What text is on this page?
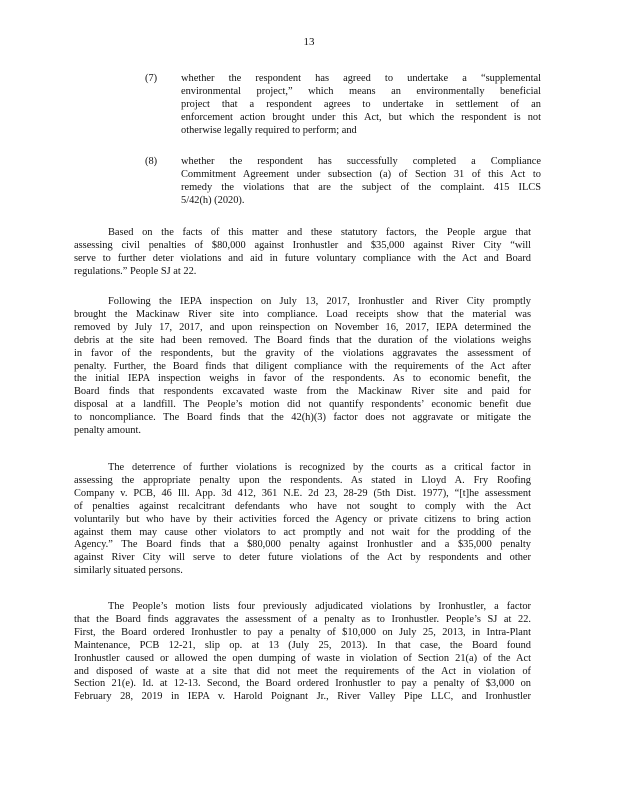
13
(7) whether the respondent has agreed to undertake a “supplemental
environmental project,” which means an environmentally beneficial
project that a respondent agrees to undertake in settlement of an
enforcement action brought under this Act, but which the respondent is not
otherwise legally required to perform; and
(8) whether the respondent has successfully completed a Compliance
Commitment Agreement under subsection (a) of Section 31 of this Act to
remedy the violations that are the subject of the complaint. 415 ILCS
5/42(h) (2020).
Based on the facts of this matter and these statutory factors, the People argue that
assessing civil penalties of $80,000 against Ironhustler and $35,000 against River City “will
serve to further deter violations and aid in future voluntary compliance with the Act and Board
regulations.” People SJ at 22.
Following the IEPA inspection on July 13, 2017, Ironhustler and River City promptly
brought the Mackinaw River site into compliance. Load receipts show that the material was
removed by July 17, 2017, and upon reinspection on November 16, 2017, IEPA determined the
debris at the site had been removed. The Board finds that the duration of the violations weighs
in favor of the respondents, but the gravity of the violations aggravates the assessment of
penalty. Further, the Board finds that diligent compliance with the requirements of the Act after
the initial IEPA inspection weighs in favor of the respondents. As to economic benefit, the
Board finds that respondents excavated waste from the Mackinaw River site and paid for
disposal at a landfill. The People’s motion did not quantify respondents’ economic benefit due
to noncompliance. The Board finds that the 42(h)(3) factor does not aggravate or mitigate the
penalty amount.
The deterrence of further violations is recognized by the courts as a critical factor in
assessing the appropriate penalty upon the respondents. As stated in Lloyd A. Fry Roofing
Company v. PCB, 46 Ill. App. 3d 412, 361 N.E. 2d 23, 28-29 (5th Dist. 1977), “[t]he assessment
of penalties against recalcitrant defendants who have not sought to comply with the Act
voluntarily but who have by their activities forced the Agency or private citizens to bring action
against them may cause other violators to act promptly and not wait for the prodding of the
Agency.” The Board finds that a $80,000 penalty against Ironhustler and a $35,000 penalty
against River City will serve to deter future violations of the Act by respondents and other
similarly situated persons.
The People’s motion lists four previously adjudicated violations by Ironhustler, a factor
that the Board finds aggravates the assessment of a penalty as to Ironhustler. People’s SJ at 22.
First, the Board ordered Ironhustler to pay a penalty of $10,000 on July 25, 2013, in Intra-Plant
Maintenance, PCB 12-21, slip op. at 13 (July 25, 2013). In that case, the Board found
Ironhustler caused or allowed the open dumping of waste in violation of Section 21(a) of the Act
and disposed of waste at a site that did not meet the requirements of the Act in violation of
Section 21(e). Id. at 12-13. Second, the Board ordered Ironhustler to pay a penalty of $3,000 on
February 28, 2019 in IEPA v. Harold Poignant Jr., River Valley Pipe LLC, and Ironhustler
